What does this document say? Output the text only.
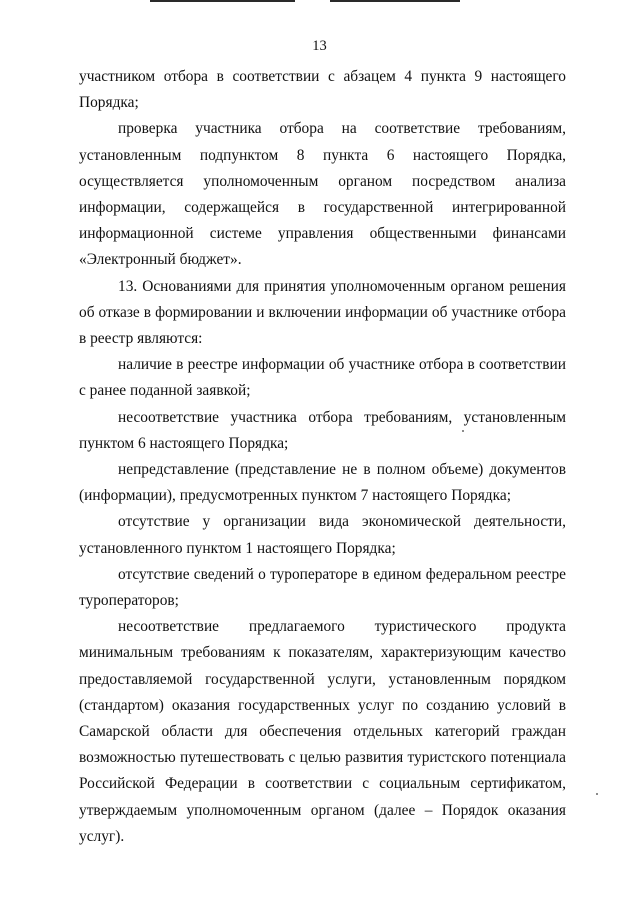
13

участником отбора в соответствии с абзацем 4 пункта 9 настоящего Порядка;

проверка участника отбора на соответствие требованиям, установленным подпунктом 8 пункта 6 настоящего Порядка, осуществляется уполномоченным органом посредством анализа информации, содержащейся в государственной интегрированной информационной системе управления общественными финансами «Электронный бюджет».

13. Основаниями для принятия уполномоченным органом решения об отказе в формировании и включении информации об участнике отбора в реестр являются:

наличие в реестре информации об участнике отбора в соответствии с ранее поданной заявкой;

несоответствие участника отбора требованиям, установленным пунктом 6 настоящего Порядка;

непредставление (представление не в полном объеме) документов (информации), предусмотренных пунктом 7 настоящего Порядка;

отсутствие у организации вида экономической деятельности, установленного пунктом 1 настоящего Порядка;

отсутствие сведений о туроператоре в едином федеральном реестре туроператоров;

несоответствие предлагаемого туристического продукта минимальным требованиям к показателям, характеризующим качество предоставляемой государственной услуги, установленным порядком (стандартом) оказания государственных услуг по созданию условий в Самарской области для обеспечения отдельных категорий граждан возможностью путешествовать с целью развития туристского потенциала Российской Федерации в соответствии с социальным сертификатом, утверждаемым уполномоченным органом (далее – Порядок оказания услуг).
